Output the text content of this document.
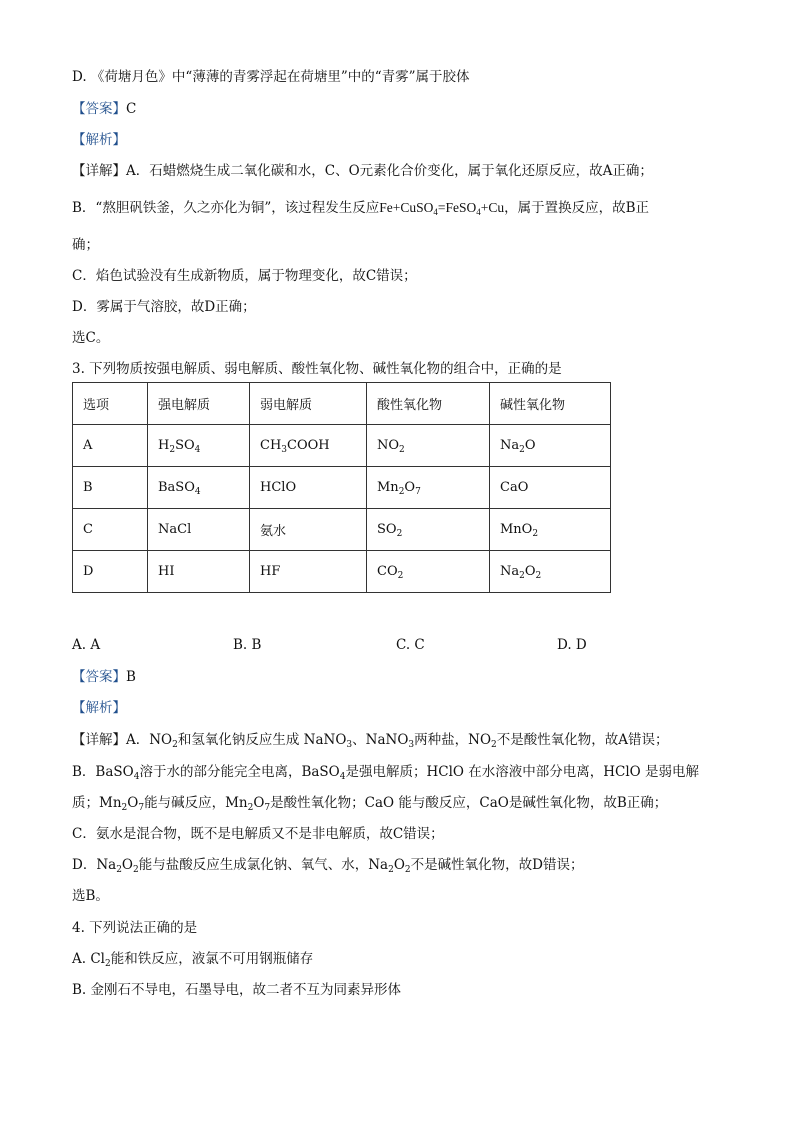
D. 《荷塘月色》中“薄薄的青雾浮起在荷塘里”中的“青雾”属于胶体
【答案】C
【解析】
【详解】A．石蜡燃烧生成二氧化碳和水，C、O元素化合价变化，属于氧化还原反应，故A正确；
B．“熬胆矾铁釜，久之亦化为铜”，该过程发生反应Fe+CuSO$_4$=FeSO$_4$+Cu，属于置换反应，故B正
确；
C．焰色试验没有生成新物质，属于物理变化，故C错误；
D．雾属于气溶胶，故D正确；
选C。
3. 下列物质按强电解质、弱电解质、酸性氧化物、碱性氧化物的组合中，正确的是
选项	强电解质	弱电解质	酸性氧化物	碱性氧化物
A	$H_2SO_4$	$CH_3COOH$	$NO_2$	$Na_2O$
B	BaSO$_4$	HClO	$Mn_2O_7$	CaO
C	NaCl	氨水	$SO_2$	MnO$_2$
D	HI	HF	$CO_2$	$Na_2O_2$
A. A	B. B	C. C	D. D
【答案】B
【解析】
【详解】A．$NO_2$和氢氧化钠反应生成 NaNO$_3$、NaNO$_3$两种盐，$NO_2$不是酸性氧化物，故A错误；
B．BaSO$_4$溶于水的部分能完全电离，BaSO$_4$是强电解质；HClO 在水溶液中部分电离，HClO 是弱电解
质；$Mn_2O_7$能与碱反应，$Mn_2O_7$是酸性氧化物；CaO 能与酸反应，CaO是碱性氧化物，故B正确；
C．氨水是混合物，既不是电解质又不是非电解质，故C错误；
D．$Na_2O_2$能与盐酸反应生成氯化钠、氧气、水，$Na_2O_2$不是碱性氧化物，故D错误；
选B。
4. 下列说法正确的是
A. $Cl_2$能和铁反应，液氯不可用钢瓶储存
B. 金刚石不导电，石墨导电，故二者不互为同素异形体
